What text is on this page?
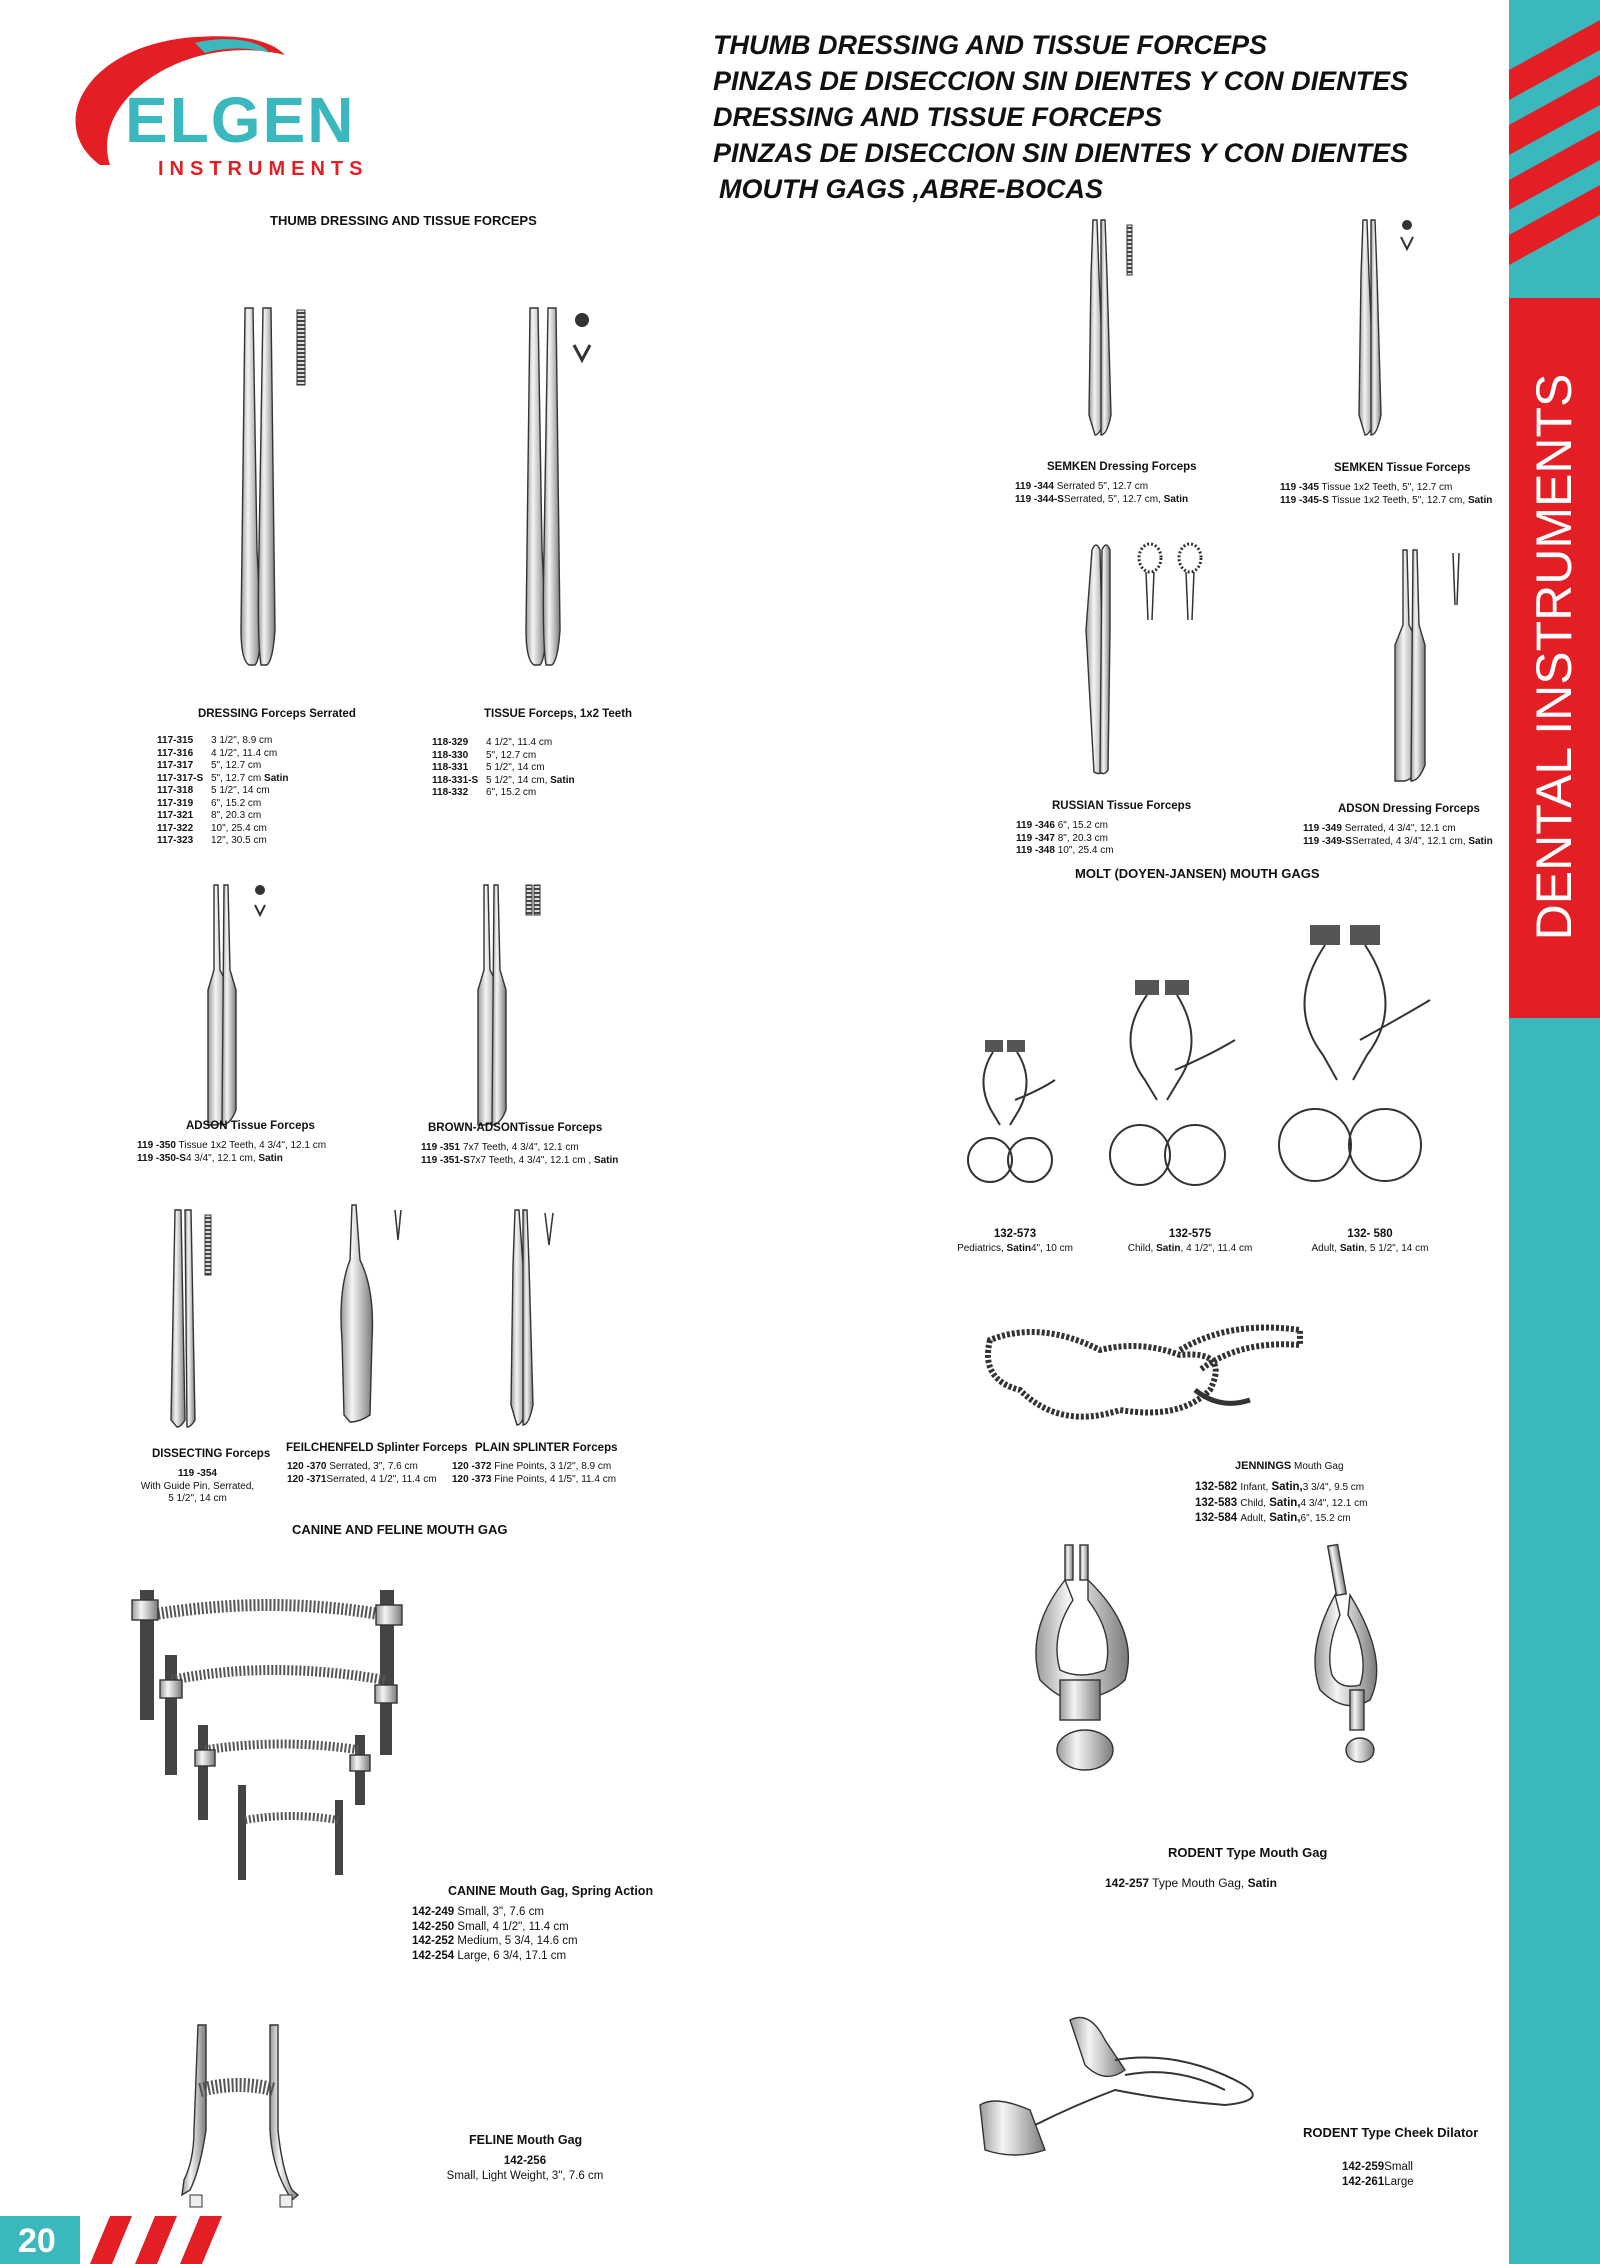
ELGEN
INSTRUMENTS
THUMB DRESSING AND TISSUE FORCEPS
PINZAS DE DISECCION SIN DIENTES Y CON DIENTES
DRESSING AND TISSUE FORCEPS
PINZAS DE DISECCION SIN DIENTES Y CON DIENTES
MOUTH GAGS ,ABRE-BOCAS
DENTAL INSTRUMENTS
20
THUMB DRESSING AND TISSUE FORCEPS
MOLT (DOYEN-JANSEN) MOUTH GAGS
CANINE AND FELINE MOUTH GAG
DRESSING Forceps Serrated
117-315 3 1/2", 8.9 cm
117-316 4 1/2", 11.4 cm
117-317 5", 12.7 cm
117-317-S 5", 12.7 cm Satin
117-318 5 1/2", 14 cm
117-319 6", 15.2 cm
117-321 8", 20.3 cm
117-322 10", 25.4 cm
117-323 12", 30.5 cm
TISSUE Forceps, 1x2 Teeth
118-329 4 1/2", 11.4 cm
118-330 5", 12.7 cm
118-331 5 1/2", 14 cm
118-331-S 5 1/2", 14 cm, Satin
118-332 6", 15.2 cm
ADSON Tissue Forceps
119 -350 Tissue 1x2 Teeth, 4 3/4", 12.1 cm
119 -350-S4 3/4", 12.1 cm, Satin
BROWN-ADSONTissue Forceps
119 -351 7x7 Teeth, 4 3/4", 12.1 cm
119 -351-S7x7 Teeth, 4 3/4", 12.1 cm , Satin
DISSECTING Forceps
119 -354
With Guide Pin, Serrated,
5 1/2", 14 cm
FEILCHENFELD Splinter Forceps
120 -370 Serrated, 3", 7.6 cm
120 -371Serrated, 4 1/2", 11.4 cm
PLAIN SPLINTER Forceps
120 -372 Fine Points, 3 1/2", 8.9 cm
120 -373 Fine Points, 4 1/5", 11.4 cm
SEMKEN Dressing Forceps
119 -344 Serrated 5", 12.7 cm
119 -344-SSerrated, 5", 12.7 cm, Satin
SEMKEN Tissue Forceps
119 -345 Tissue 1x2 Teeth, 5", 12.7 cm
119 -345-S Tissue 1x2 Teeth, 5", 12.7 cm, Satin
RUSSIAN Tissue Forceps
119 -346 6", 15.2 cm
119 -347 8", 20.3 cm
119 -348 10", 25.4 cm
ADSON Dressing Forceps
119 -349 Serrated, 4 3/4", 12.1 cm
119 -349-SSerrated, 4 3/4", 12.1 cm, Satin
132-573
Pediatrics, Satin4", 10 cm
132-575
Child, Satin, 4 1/2", 11.4 cm
132- 580
Adult, Satin, 5 1/2", 14 cm
JENNINGS Mouth Gag
132-582 Infant, Satin,3 3/4", 9.5 cm
132-583 Child, Satin,4 3/4", 12.1 cm
132-584 Adult, Satin,6", 15.2 cm
RODENT Type Mouth Gag
142-257 Type Mouth Gag, Satin
CANINE Mouth Gag, Spring Action
142-249 Small, 3", 7.6 cm
142-250 Small, 4 1/2", 11.4 cm
142-252 Medium, 5 3/4, 14.6 cm
142-254 Large, 6 3/4, 17.1 cm
FELINE Mouth Gag
142-256
Small, Light Weight, 3", 7.6 cm
RODENT Type Cheek Dilator
142-259Small
142-261Large
